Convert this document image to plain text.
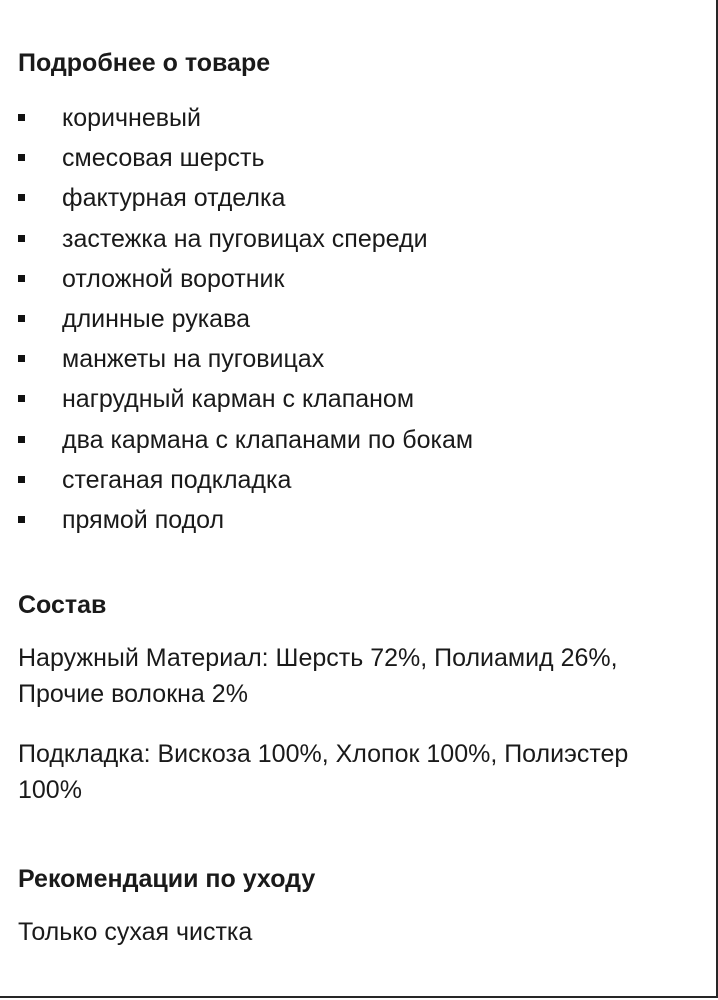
Подробнее о товаре
коричневый
смесовая шерсть
фактурная отделка
застежка на пуговицах спереди
отложной воротник
длинные рукава
манжеты на пуговицах
нагрудный карман с клапаном
два кармана с клапанами по бокам
стеганая подкладка
прямой подол
Состав

Наружный Материал: Шерсть 72%, Полиамид 26%, Прочие волокна 2%

Подкладка: Вискоза 100%, Хлопок 100%, Полиэстер 100%

Рекомендации по уходу

Только сухая чистка
